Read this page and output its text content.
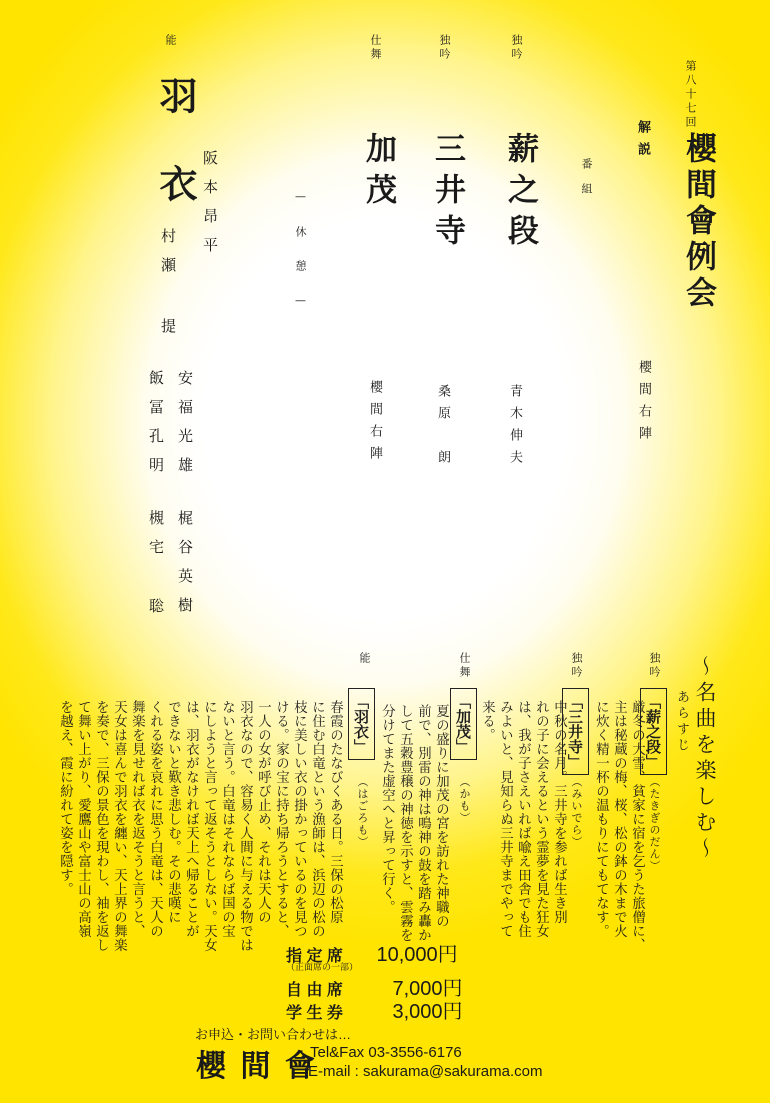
第八十七回
櫻間會例会
櫻間右陣
解説
番組
独吟
薪之段
青木伸夫
独吟
三井寺
桑原　朗
仕舞
加茂
櫻間右陣
— 休 憩 —
能
羽
衣 阪本昂平
村瀬
提
安福光雄
飯冨孔明
梶谷英樹
槻宅
聡
〜名曲を楽しむ〜
あらすじ
独吟
「薪之段」
（たきぎのだん）
厳冬の大雪、貧家に宿を乞うた旅僧に、
主は秘蔵の梅、桜、松の鉢の木まで火
に炊く精一杯の温もりにてもてなす。
独吟
「三井寺」
（みいでら）
中秋の名月。三井寺を参れば生き別
れの子に会えるという霊夢を見た狂女
は、我が子さえいれば喩え田舎でも住
みよいと、見知らぬ三井寺までやって
来る。
仕舞
「加茂」
（かも）
夏の盛りに加茂の宮を訪れた神職の
前で、別雷の神は鳴神の鼓を踏み轟か
して五穀豊穣の神徳を示すと、雲霧を
分けてまた虚空へと昇って行く。
能
「羽衣」
（はごろも）
春霞のたなびくある日。三保の松原
に住む白竜という漁師は、浜辺の松の
枝に美しい衣の掛かっているのを見つ
ける。家の宝に持ち帰ろうとすると、
一人の女が呼び止め、それは天人の
羽衣なので、容易く人間に与える物では
ないと言う。白竜はそれならば国の宝
にしようと言って返そうとしない。天女
は、羽衣がなければ天上へ帰ることが
できないと歎き悲しむ。その悲嘆に
くれる姿を哀れに思う白竜は、天人の
舞楽を見せれば衣を返そうと言うと、
天女は喜んで羽衣を纏い、天上界の舞楽
を奏で、三保の景色を現わし、袖を返し
て舞い上がり、愛鷹山や富士山の高嶺
を越え、霞に紛れて姿を隠す。
指 定 席 10,000円
（正面席の一部）
自 由 席 7,000円
学 生 券 3,000円
お申込・お問い合わせは…
櫻 間 會
Tel&Fax 03-3556-6176
E-mail : sakurama@sakurama.com
